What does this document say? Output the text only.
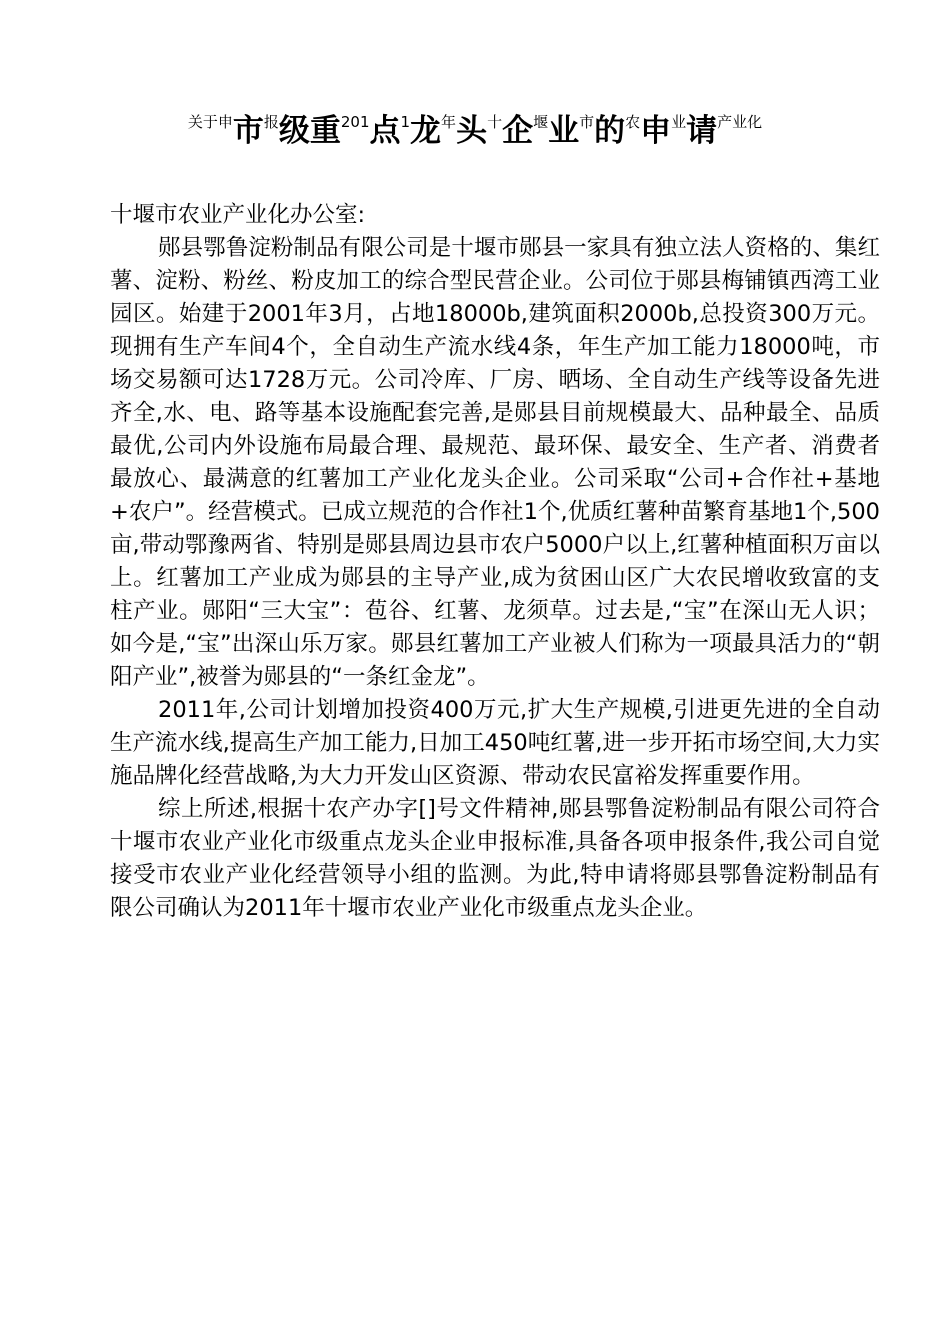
关于申市报级重201点1龙年头十企堰业市的农申业请产业化

十堰市农业产业化办公室:

郧县鄂鲁淀粉制品有限公司是十堰市郧县一家具有独立法人资格的、集红薯、淀粉、粉丝、粉皮加工的综合型民营企业。公司位于郧县梅铺镇西湾工业园区。始建于2001年3月，占地18000b,建筑面积2000b,总投资300万元。现拥有生产车间4个，全自动生产流水线4条，年生产加工能力18000吨，市场交易额可达1728万元。公司冷库、厂房、晒场、全自动生产线等设备先进齐全,水、电、路等基本设施配套完善,是郧县目前规模最大、品种最全、品质最优,公司内外设施布局最合理、最规范、最环保、最安全、生产者、消费者最放心、最满意的红薯加工产业化龙头企业。公司采取“公司+合作社+基地+农户”。经营模式。已成立规范的合作社1个,优质红薯种苗繁育基地1个,500亩,带动鄂豫两省、特别是郧县周边县市农户5000户以上,红薯种植面积万亩以上。红薯加工产业成为郧县的主导产业,成为贫困山区广大农民增收致富的支柱产业。郧阳“三大宝”：苞谷、红薯、龙须草。过去是,“宝”在深山无人识；如今是,“宝”出深山乐万家。郧县红薯加工产业被人们称为一项最具活力的“朝阳产业”,被誉为郧县的“一条红金龙”。

2011年,公司计划增加投资400万元,扩大生产规模,引进更先进的全自动生产流水线,提高生产加工能力,日加工450吨红薯,进一步开拓市场空间,大力实施品牌化经营战略,为大力开发山区资源、带动农民富裕发挥重要作用。

综上所述,根据十农产办字[]号文件精神,郧县鄂鲁淀粉制品有限公司符合十堰市农业产业化市级重点龙头企业申报标准,具备各项申报条件,我公司自觉接受市农业产业化经营领导小组的监测。为此,特申请将郧县鄂鲁淀粉制品有限公司确认为2011年十堰市农业产业化市级重点龙头企业。
